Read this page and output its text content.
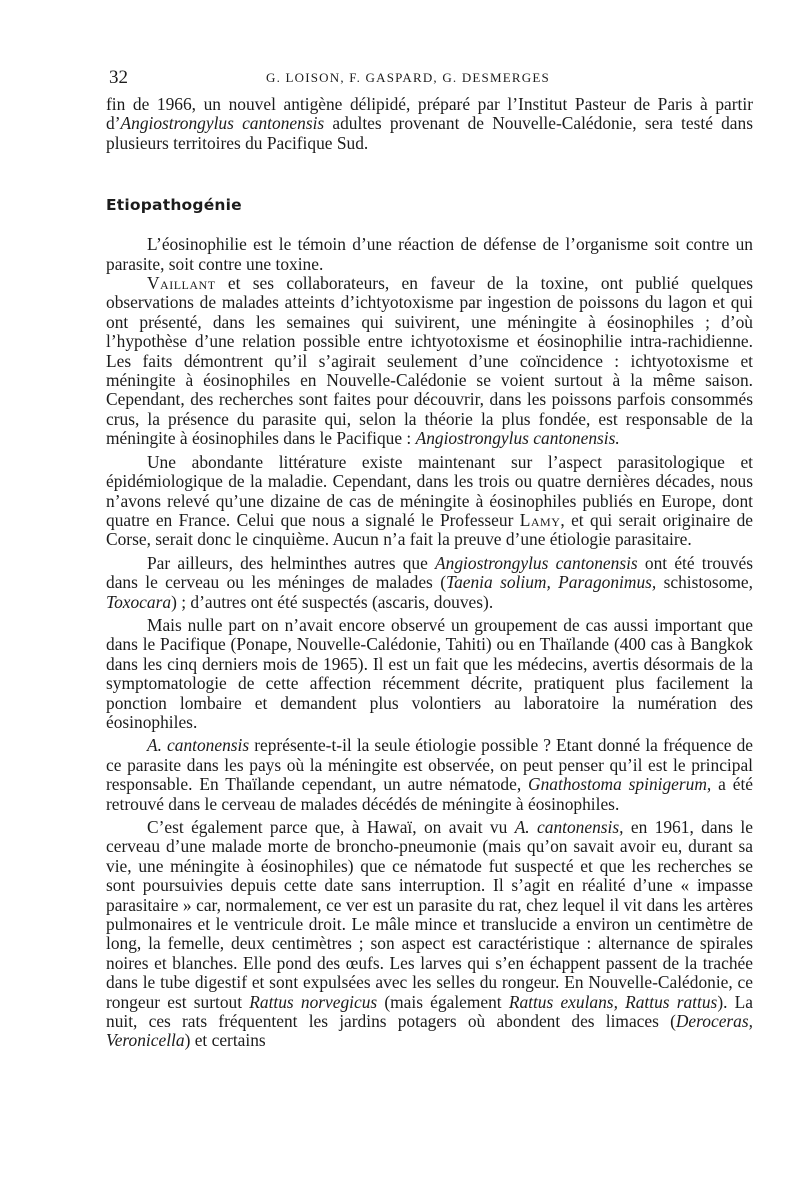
32	G. LOISON, F. GASPARD, G. DESMERGES

fin de 1966, un nouvel antigène délipidé, préparé par l’Institut Pasteur de Paris à partir d’Angiostrongylus cantonensis adultes provenant de Nouvelle-Calédonie, sera testé dans plusieurs territoires du Pacifique Sud.

Etiopathogénie

L’éosinophilie est le témoin d’une réaction de défense de l’organisme soit contre un parasite, soit contre une toxine.

Vaillant et ses collaborateurs, en faveur de la toxine, ont publié quelques observations de malades atteints d’ichtyotoxisme par ingestion de poissons du lagon et qui ont présenté, dans les semaines qui suivirent, une méningite à éosinophiles ; d’où l’hypothèse d’une relation possible entre ichtyotoxisme et éosinophilie intra-rachidienne. Les faits démontrent qu’il s’agirait seulement d’une coïncidence : ichtyotoxisme et méningite à éosinophiles en Nouvelle-Calédonie se voient surtout à la même saison. Cependant, des recherches sont faites pour découvrir, dans les poissons parfois consommés crus, la présence du parasite qui, selon la théorie la plus fondée, est responsable de la méningite à éosinophiles dans le Pacifique : Angiostrongylus cantonensis.

Une abondante littérature existe maintenant sur l’aspect parasitologique et épidémiologique de la maladie. Cependant, dans les trois ou quatre dernières décades, nous n’avons relevé qu’une dizaine de cas de méningite à éosinophiles publiés en Europe, dont quatre en France. Celui que nous a signalé le Professeur Lamy, et qui serait originaire de Corse, serait donc le cinquième. Aucun n’a fait la preuve d’une étiologie parasitaire.

Par ailleurs, des helminthes autres que Angiostrongylus cantonensis ont été trouvés dans le cerveau ou les méninges de malades (Taenia solium, Paragonimus, schistosome, Toxocara) ; d’autres ont été suspectés (ascaris, douves).

Mais nulle part on n’avait encore observé un groupement de cas aussi important que dans le Pacifique (Ponape, Nouvelle-Calédonie, Tahiti) ou en Thaïlande (400 cas à Bangkok dans les cinq derniers mois de 1965). Il est un fait que les médecins, avertis désormais de la symptomatologie de cette affection récemment décrite, pratiquent plus facilement la ponction lombaire et demandent plus volontiers au laboratoire la numération des éosinophiles.

A. cantonensis représente-t-il la seule étiologie possible ? Etant donné la fréquence de ce parasite dans les pays où la méningite est observée, on peut penser qu’il est le principal responsable. En Thaïlande cependant, un autre nématode, Gnathostoma spinigerum, a été retrouvé dans le cerveau de malades décédés de méningite à éosinophiles.

C’est également parce que, à Hawaï, on avait vu A. cantonensis, en 1961, dans le cerveau d’une malade morte de broncho-pneumonie (mais qu’on savait avoir eu, durant sa vie, une méningite à éosinophiles) que ce nématode fut suspecté et que les recherches se sont poursuivies depuis cette date sans interruption. Il s’agit en réalité d’une « impasse parasitaire » car, normalement, ce ver est un parasite du rat, chez lequel il vit dans les artères pulmonaires et le ventricule droit. Le mâle mince et translucide a environ un centimètre de long, la femelle, deux centimètres ; son aspect est caractéristique : alternance de spirales noires et blanches. Elle pond des œufs. Les larves qui s’en échappent passent de la trachée dans le tube digestif et sont expulsées avec les selles du rongeur. En Nouvelle-Calédonie, ce rongeur est surtout Rattus norvegicus (mais également Rattus exulans, Rattus rattus). La nuit, ces rats fréquentent les jardins potagers où abondent des limaces (Deroceras, Veronicella) et certains
